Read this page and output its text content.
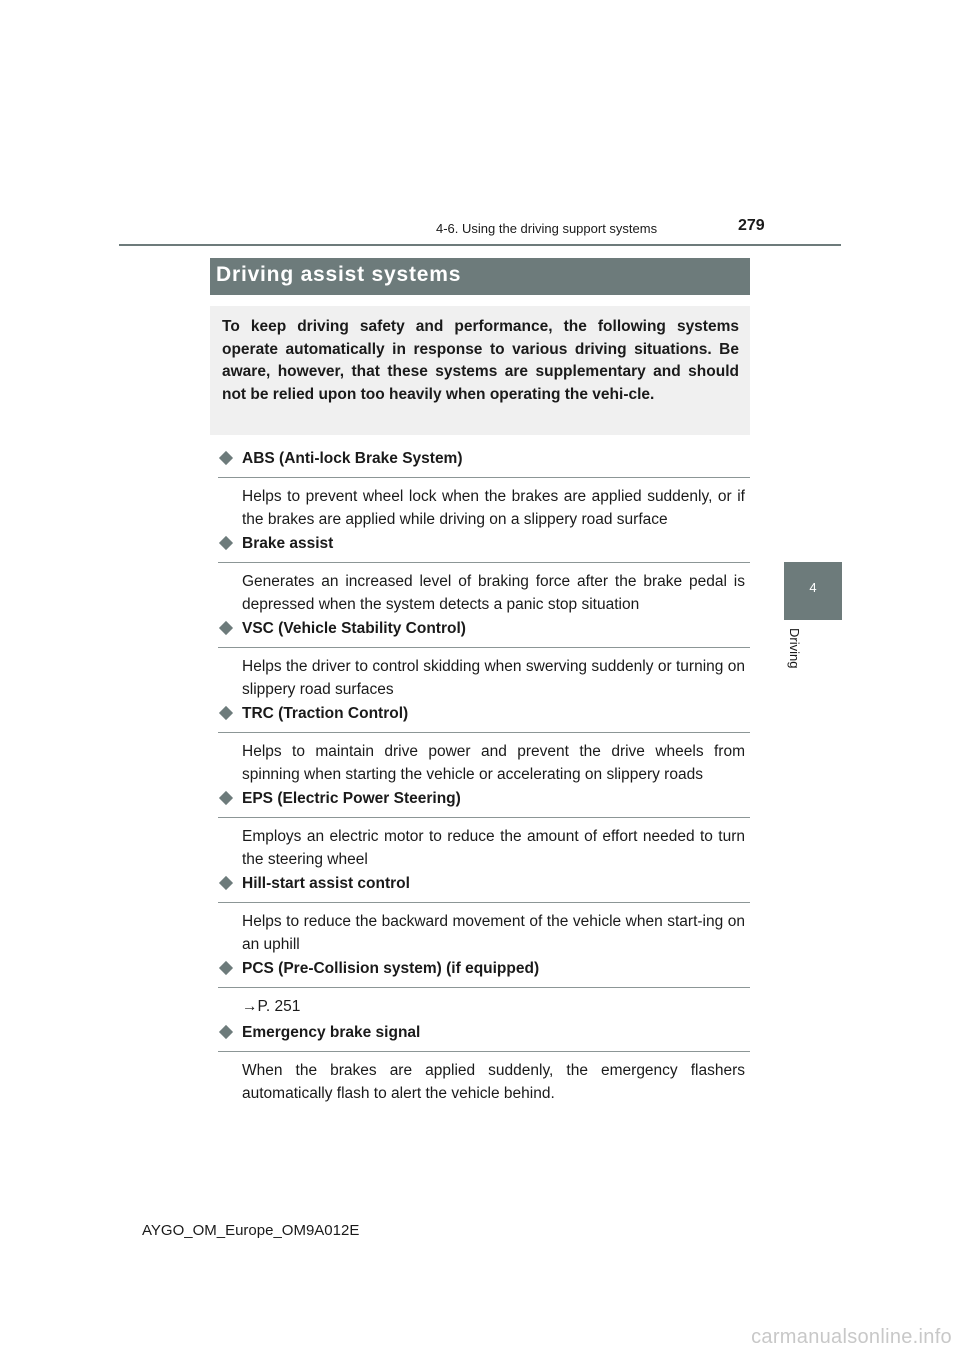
4-6. Using the driving support systems	279
4
Driving
Driving assist systems

To keep driving safety and performance, the following systems operate automatically in response to various driving situations. Be aware, however, that these systems are supplementary and should not be relied upon too heavily when operating the vehi-cle.

ABS (Anti-lock Brake System)
Helps to prevent wheel lock when the brakes are applied suddenly, or if the brakes are applied while driving on a slippery road surface
Brake assist
Generates an increased level of braking force after the brake pedal is depressed when the system detects a panic stop situation
VSC (Vehicle Stability Control)
Helps the driver to control skidding when swerving suddenly or turning on slippery road surfaces
TRC (Traction Control)
Helps to maintain drive power and prevent the drive wheels from spinning when starting the vehicle or accelerating on slippery roads
EPS (Electric Power Steering)
Employs an electric motor to reduce the amount of effort needed to turn the steering wheel
Hill-start assist control
Helps to reduce the backward movement of the vehicle when start-ing on an uphill
PCS (Pre-Collision system) (if equipped)
→P. 251
Emergency brake signal
When the brakes are applied suddenly, the emergency flashers automatically flash to alert the vehicle behind.
AYGO_OM_Europe_OM9A012E
carmanualsonline.info
